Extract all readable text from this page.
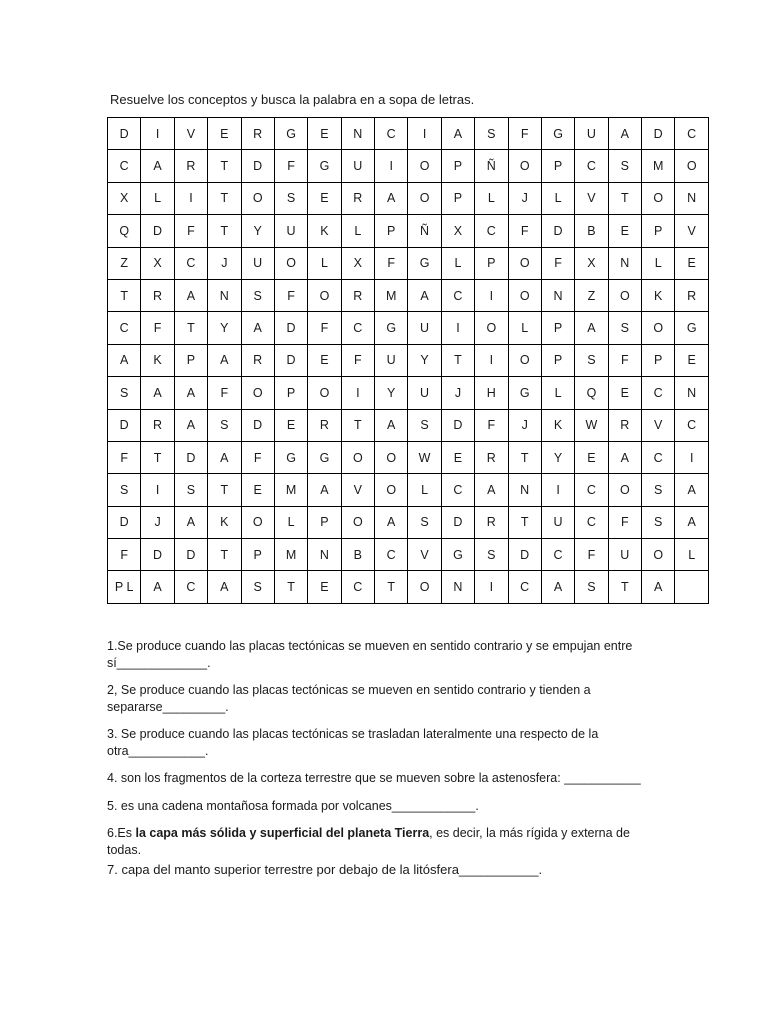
Resuelve los conceptos y busca la palabra en a sopa de letras.
D	I	V	E	R	G	E	N	C	I	A	S	F	G	U	A	D	C
C	A	R	T	D	F	G	U	I	O	P	Ñ	O	P	C	S	M	O
X	L	I	T	O	S	E	R	A	O	P	L	J	L	V	T	O	N
Q	D	F	T	Y	U	K	L	P	Ñ	X	C	F	D	B	E	P	V
Z	X	C	J	U	O	L	X	F	G	L	P	O	F	X	N	L	E
T	R	A	N	S	F	O	R	M	A	C	I	O	N	Z	O	K	R
C	F	T	Y	A	D	F	C	G	U	I	O	L	P	A	S	O	G
A	K	P	A	R	D	E	F	U	Y	T	I	O	P	S	F	P	E
S	A	A	F	O	P	O	I	Y	U	J	H	G	L	Q	E	C	N
D	R	A	S	D	E	R	T	A	S	D	F	J	K	W	R	V	C
F	T	D	A	F	G	G	O	O	W	E	R	T	Y	E	A	C	I
S	I	S	T	E	M	A	V	O	L	C	A	N	I	C	O	S	A
D	J	A	K	O	L	P	O	A	S	D	R	T	U	C	F	S	A
F	D	D	T	P	M	N	B	C	V	G	S	D	C	F	U	O	L
P L	A	C	A	S	T	E	C	T	O	N	I	C	A	S	T	A	

1.Se produce cuando las placas tectónicas se mueven en sentido contrario y se empujan entre sí_____________.

2, Se produce cuando las placas tectónicas se mueven en sentido contrario y tienden a separarse_________.

3. Se produce cuando las placas tectónicas se trasladan lateralmente una respecto de la otra___________.

4. son los fragmentos de la corteza terrestre que se mueven sobre la astenosfera: ___________

5. es una cadena montañosa formada por volcanes____________.

6.Es la capa más sólida y superficial del planeta Tierra, es decir, la más rígida y externa de todas.

7. capa del manto superior terrestre por debajo de la litósfera___________.
